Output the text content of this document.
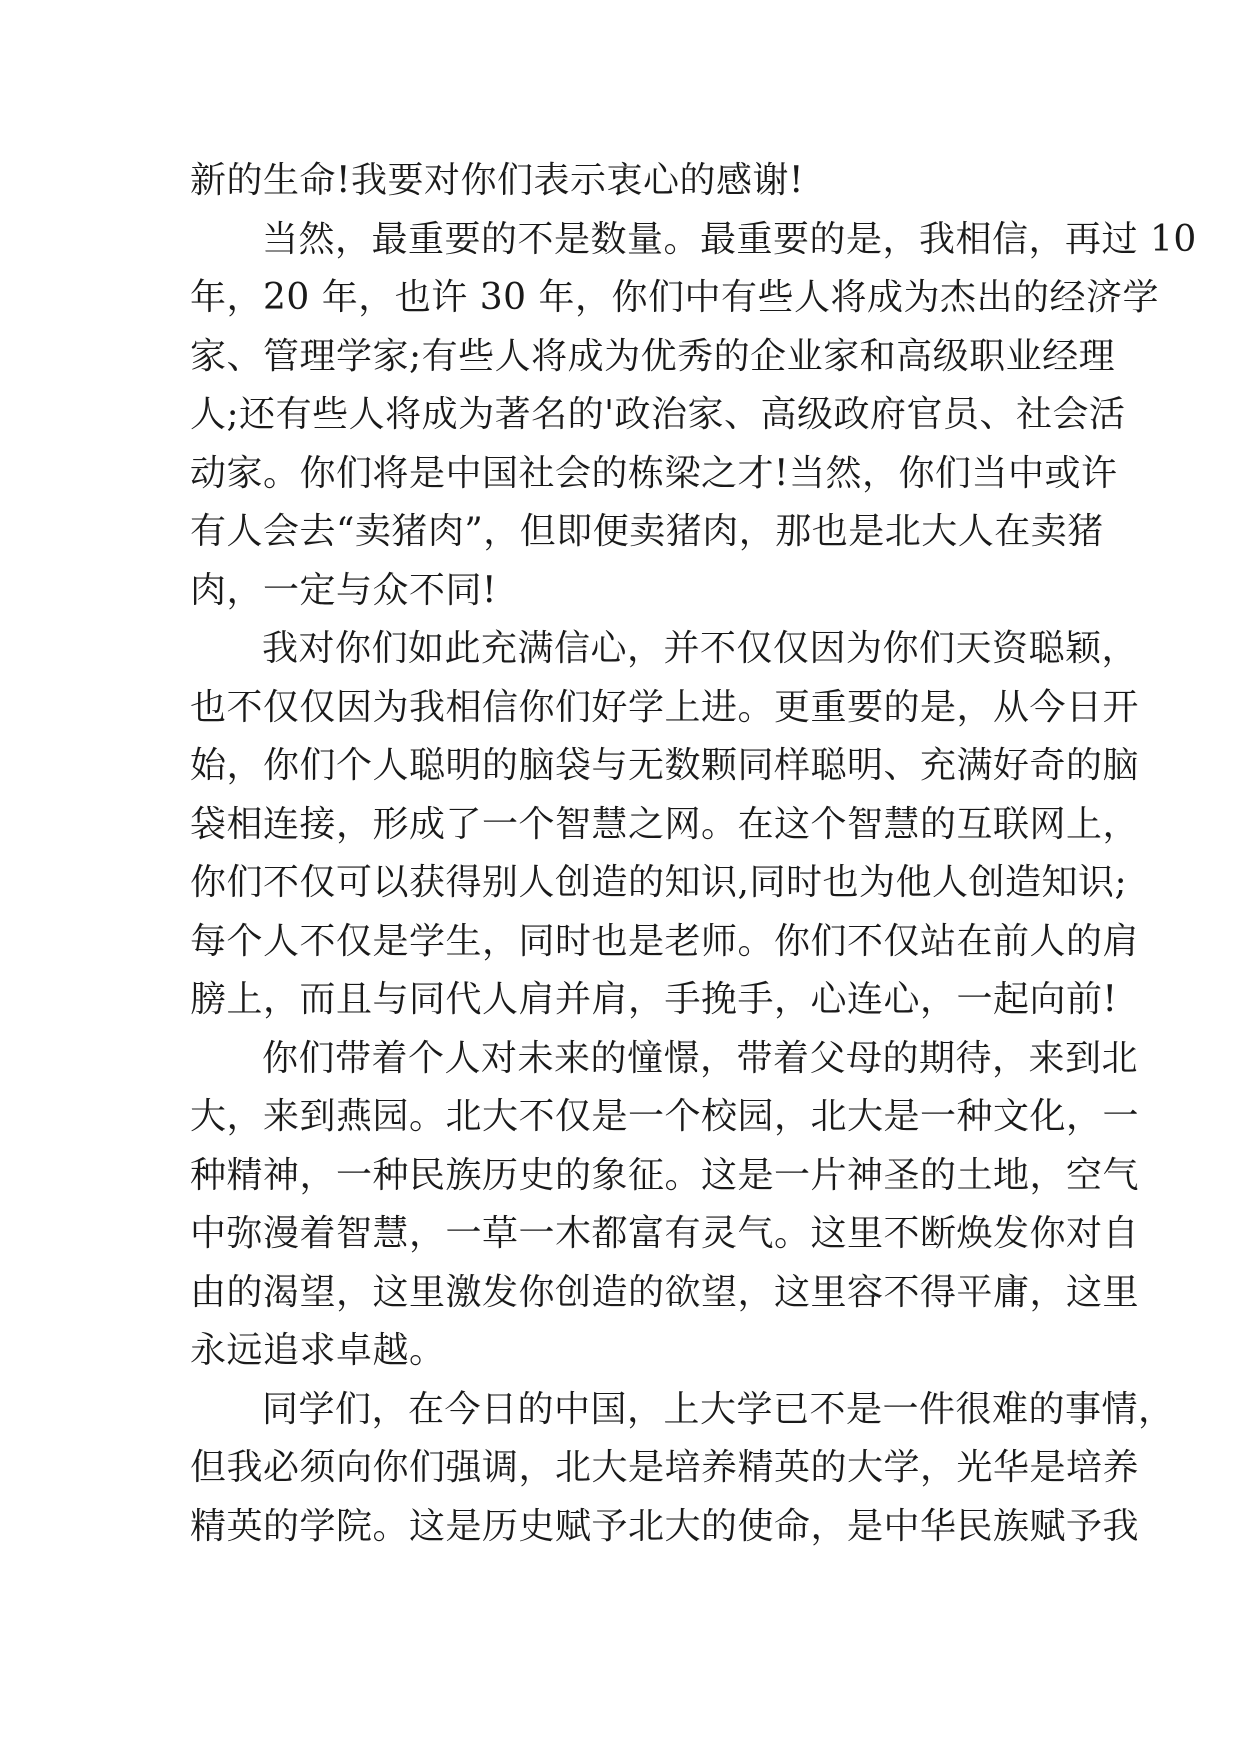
新的生命!我要对你们表示衷心的感谢!
当然，最重要的不是数量。最重要的是，我相信，再过 10
年，20 年，也许 30 年，你们中有些人将成为杰出的经济学
家、管理学家;有些人将成为优秀的企业家和高级职业经理
人;还有些人将成为著名的'政治家、高级政府官员、社会活
动家。你们将是中国社会的栋梁之才!当然，你们当中或许
有人会去“卖猪肉”，但即便卖猪肉，那也是北大人在卖猪
肉，一定与众不同!
我对你们如此充满信心，并不仅仅因为你们天资聪颖，
也不仅仅因为我相信你们好学上进。更重要的是，从今日开
始，你们个人聪明的脑袋与无数颗同样聪明、充满好奇的脑
袋相连接，形成了一个智慧之网。在这个智慧的互联网上，
你们不仅可以获得别人创造的知识,同时也为他人创造知识;
每个人不仅是学生，同时也是老师。你们不仅站在前人的肩
膀上，而且与同代人肩并肩，手挽手，心连心，一起向前!
你们带着个人对未来的憧憬，带着父母的期待，来到北
大，来到燕园。北大不仅是一个校园，北大是一种文化，一
种精神，一种民族历史的象征。这是一片神圣的土地，空气
中弥漫着智慧，一草一木都富有灵气。这里不断焕发你对自
由的渴望，这里激发你创造的欲望，这里容不得平庸，这里
永远追求卓越。
同学们，在今日的中国，上大学已不是一件很难的事情，
但我必须向你们强调，北大是培养精英的大学，光华是培养
精英的学院。这是历史赋予北大的使命，是中华民族赋予我
